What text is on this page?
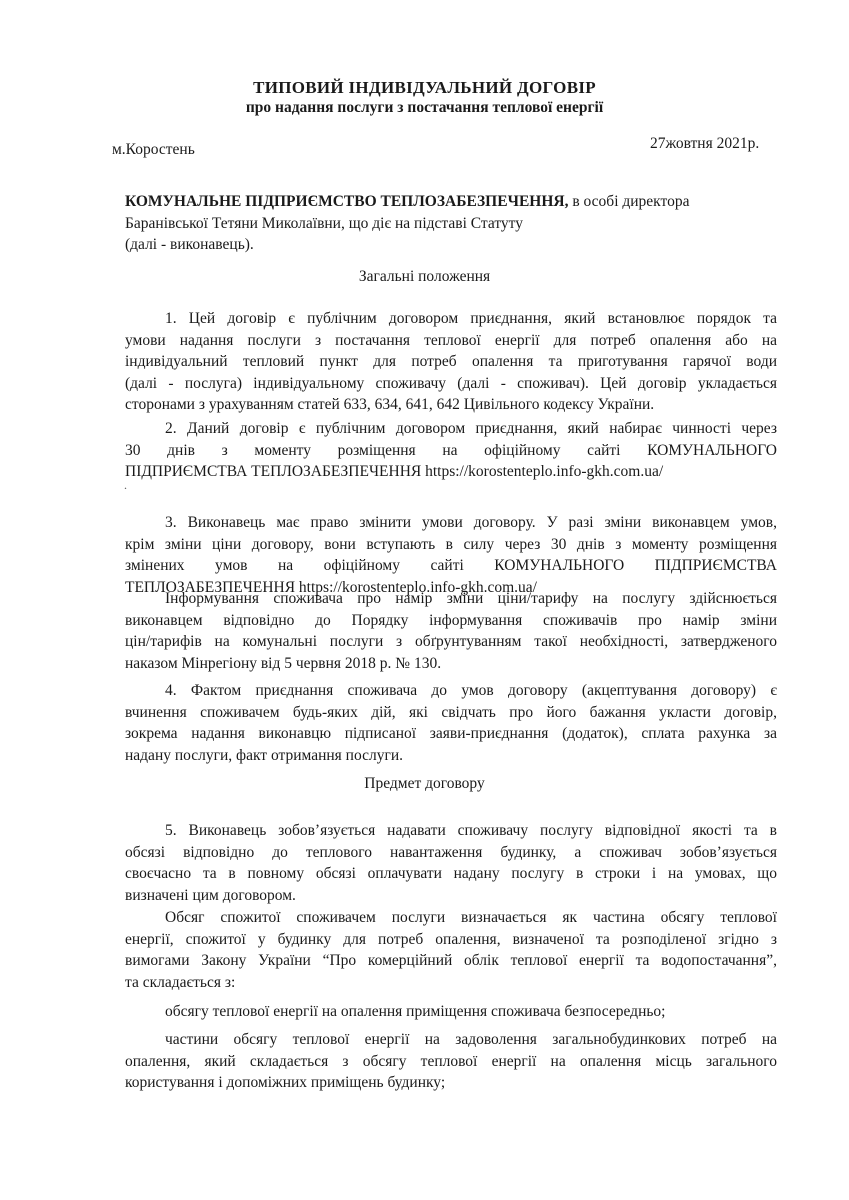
ТИПОВИЙ ІНДИВІДУАЛЬНИЙ ДОГОВІР
про надання послуги з постачання теплової енергії
м.Коростень	27жовтня 2021р.
КОМУНАЛЬНЕ ПІДПРИЄМСТВО ТЕПЛОЗАБЕЗПЕЧЕННЯ, в особі директора
Баранівської Тетяни Миколаївни, що діє на підставі Статуту
(далі - виконавець).
Загальні положення
1. Цей договір є публічним договором приєднання, який встановлює порядок та
умови надання послуги з постачання теплової енергії для потреб опалення або на
індивідуальний тепловий пункт для потреб опалення та приготування гарячої води
(далі - послуга) індивідуальному споживачу (далі - споживач). Цей договір укладається
сторонами з урахуванням статей 633, 634, 641, 642 Цивільного кодексу України.
2. Даний договір є публічним договором приєднання, який набирає чинності через
30 днів з моменту розміщення на офіційному сайті КОМУНАЛЬНОГО
ПІДПРИЄМСТВА ТЕПЛОЗАБЕЗПЕЧЕННЯ https://korostenteplo.info-gkh.com.ua/
.
3. Виконавець має право змінити умови договору. У разі зміни виконавцем умов,
крім зміни ціни договору, вони вступають в силу через 30 днів з моменту розміщення
змінених умов на офіційному сайті КОМУНАЛЬНОГО ПІДПРИЄМСТВА
ТЕПЛОЗАБЕЗПЕЧЕННЯ https://korostenteplo.info-gkh.com.ua/
Інформування споживача про намір зміни ціни/тарифу на послугу здійснюється
виконавцем відповідно до Порядку інформування споживачів про намір зміни
цін/тарифів на комунальні послуги з обґрунтуванням такої необхідності, затвердженого
наказом Мінрегіону від 5 червня 2018 р. № 130.
4. Фактом приєднання споживача до умов договору (акцептування договору) є
вчинення споживачем будь-яких дій, які свідчать про його бажання укласти договір,
зокрема надання виконавцю підписаної заяви-приєднання (додаток), сплата рахунка за
надану послуги, факт отримання послуги.
Предмет договору
5. Виконавець зобов’язується надавати споживачу послугу відповідної якості та в
обсязі відповідно до теплового навантаження будинку, а споживач зобов’язується
своєчасно та в повному обсязі оплачувати надану послугу в строки і на умовах, що
визначені цим договором.
Обсяг спожитої споживачем послуги визначається як частина обсягу теплової
енергії, спожитої у будинку для потреб опалення, визначеної та розподіленої згідно з
вимогами Закону України “Про комерційний облік теплової енергії та водопостачання”,
та складається з:
обсягу теплової енергії на опалення приміщення споживача безпосередньо;
частини обсягу теплової енергії на задоволення загальнобудинкових потреб на
опалення, який складається з обсягу теплової енергії на опалення місць загального
користування і допоміжних приміщень будинку;
